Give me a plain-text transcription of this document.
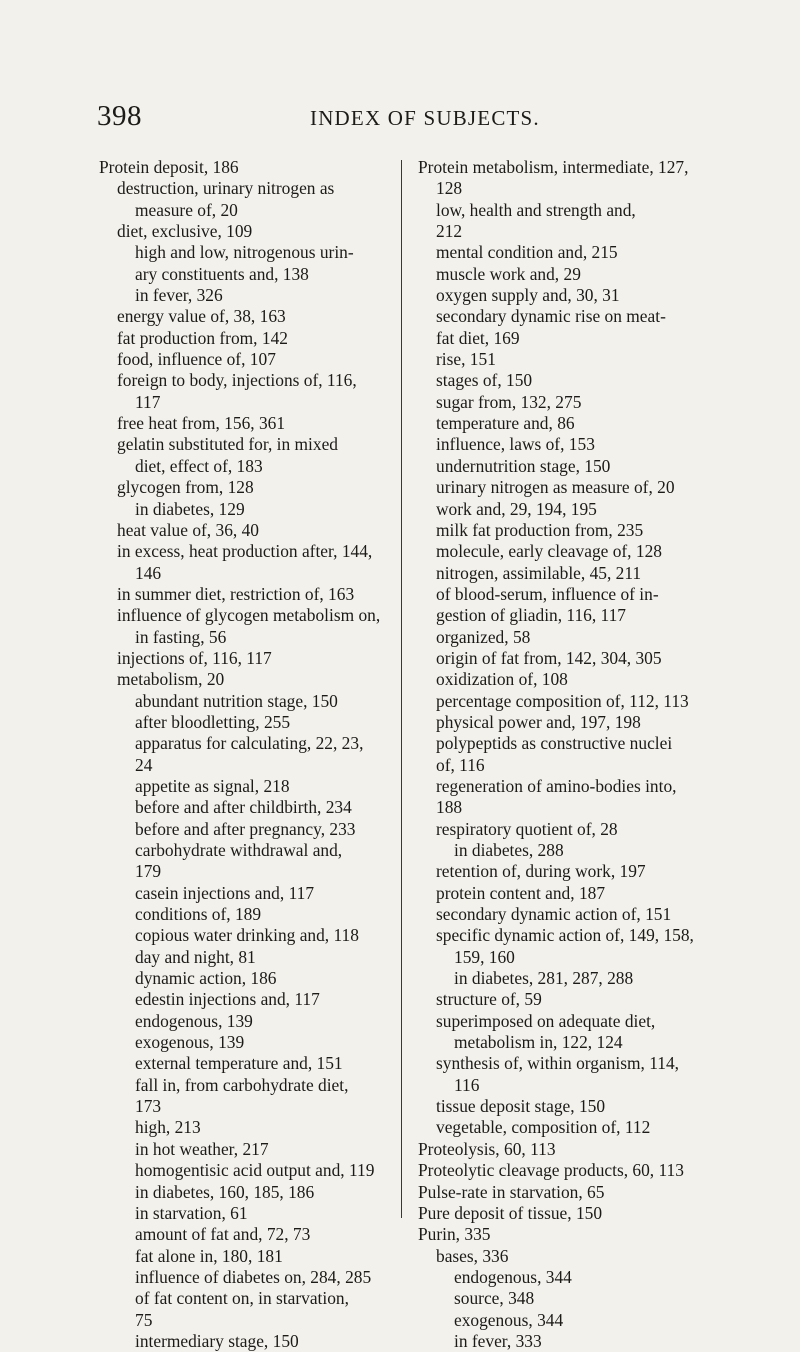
398	INDEX OF SUBJECTS.
Protein deposit, 186
destruction, urinary nitrogen as
measure of, 20
diet, exclusive, 109
high and low, nitrogenous urin-
ary constituents and, 138
in fever, 326
energy value of, 38, 163
fat production from, 142
food, influence of, 107
foreign to body, injections of, 116,
117
free heat from, 156, 361
gelatin substituted for, in mixed
diet, effect of, 183
glycogen from, 128
in diabetes, 129
heat value of, 36, 40
in excess, heat production after, 144,
146
in summer diet, restriction of, 163
influence of glycogen metabolism on,
in fasting, 56
injections of, 116, 117
metabolism, 20
abundant nutrition stage, 150
after bloodletting, 255
apparatus for calculating, 22, 23,
24
appetite as signal, 218
before and after childbirth, 234
before and after pregnancy, 233
carbohydrate withdrawal and,
179
casein injections and, 117
conditions of, 189
copious water drinking and, 118
day and night, 81
dynamic action, 186
edestin injections and, 117
endogenous, 139
exogenous, 139
external temperature and, 151
fall in, from carbohydrate diet,
173
high, 213
in hot weather, 217
homogentisic acid output and, 119
in diabetes, 160, 185, 186
in starvation, 61
amount of fat and, 72, 73
fat alone in, 180, 181
influence of diabetes on, 284, 285
of fat content on, in starvation,
75
intermediary stage, 150
Protein metabolism, intermediate, 127,
128
low, health and strength and,
212
mental condition and, 215
muscle work and, 29
oxygen supply and, 30, 31
secondary dynamic rise on meat-
fat diet, 169
rise, 151
stages of, 150
sugar from, 132, 275
temperature and, 86
influence, laws of, 153
undernutrition stage, 150
urinary nitrogen as measure of, 20
work and, 29, 194, 195
milk fat production from, 235
molecule, early cleavage of, 128
nitrogen, assimilable, 45, 211
of blood-serum, influence of in-
gestion of gliadin, 116, 117
organized, 58
origin of fat from, 142, 304, 305
oxidization of, 108
percentage composition of, 112, 113
physical power and, 197, 198
polypeptids as constructive nuclei
of, 116
regeneration of amino-bodies into,
188
respiratory quotient of, 28
in diabetes, 288
retention of, during work, 197
protein content and, 187
secondary dynamic action of, 151
specific dynamic action of, 149, 158,
159, 160
in diabetes, 281, 287, 288
structure of, 59
superimposed on adequate diet,
metabolism in, 122, 124
synthesis of, within organism, 114,
116
tissue deposit stage, 150
vegetable, composition of, 112
Proteolysis, 60, 113
Proteolytic cleavage products, 60, 113
Pulse-rate in starvation, 65
Pure deposit of tissue, 150
Purin, 335
bases, 336
endogenous, 344
source, 348
exogenous, 344
in fever, 333
